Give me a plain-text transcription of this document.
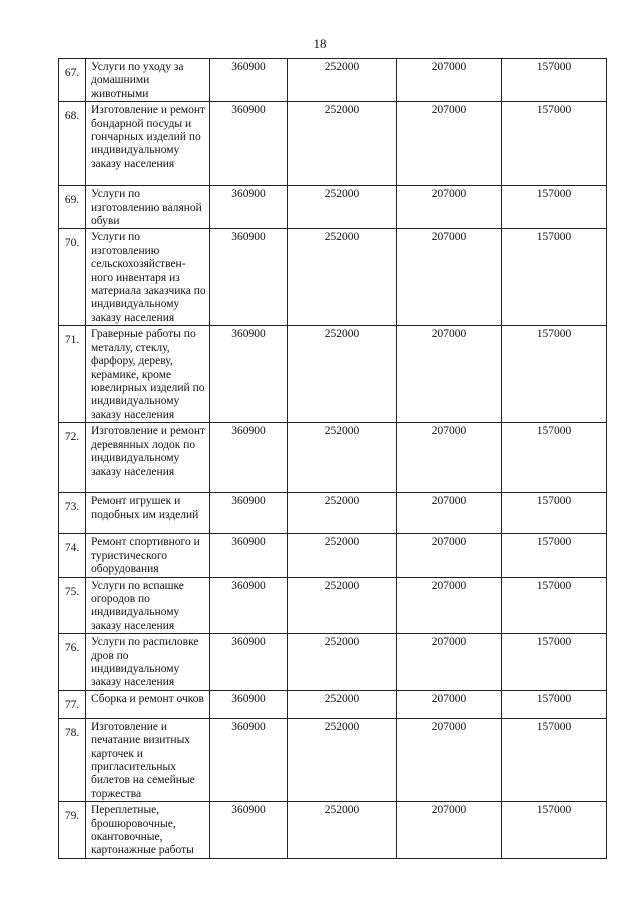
18
67.	Услуги по уходу за домашними животными	360900	252000	207000	157000
68.	Изготовление и ремонт бондарной посуды и гончарных изделий по индивидуальному заказу населения	360900	252000	207000	157000
69.	Услуги по изготовлению валяной обуви	360900	252000	207000	157000
70.	Услуги по изготовлению сельскохозяйствен-ного инвентаря из материала заказчика по индивидуальному заказу населения	360900	252000	207000	157000
71.	Граверные работы по металлу, стеклу, фарфору, дереву, керамике, кроме ювелирных изделий по индивидуальному заказу населения	360900	252000	207000	157000
72.	Изготовление и ремонт деревянных лодок по индивидуальному заказу населения	360900	252000	207000	157000
73.	Ремонт игрушек и подобных им изделий	360900	252000	207000	157000
74.	Ремонт спортивного и туристического оборудования	360900	252000	207000	157000
75.	Услуги по вспашке огородов по индивидуальному заказу населения	360900	252000	207000	157000
76.	Услуги по распиловке дров по индивидуальному заказу населения	360900	252000	207000	157000
77.	Сборка и ремонт очков	360900	252000	207000	157000
78.	Изготовление и печатание визитных карточек и пригласительных билетов на семейные торжества	360900	252000	207000	157000
79.	Переплетные, брошюровочные, окантовочные, картонажные работы	360900	252000	207000	157000
